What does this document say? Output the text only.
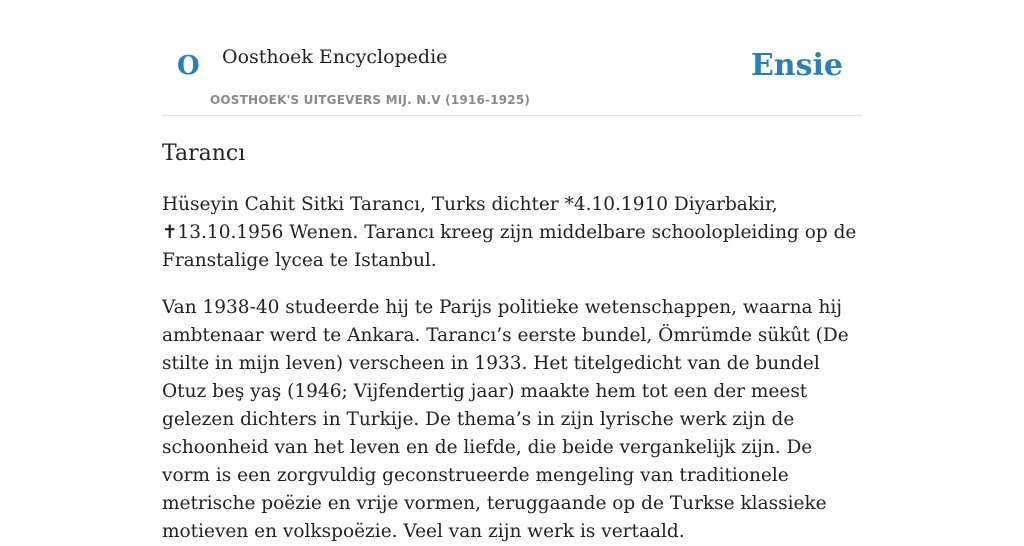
O Oosthoek Encyclopedie
OOSTHOEK'S UITGEVERS MIJ. N.V (1916-1925)
Ensie
Tarancı

Hüseyin Cahit Sitki Tarancı, Turks dichter *4.10.1910 Diyarbakir, ✝13.10.1956 Wenen. Tarancı kreeg zijn middelbare schoolopleiding op de Franstalige lycea te Istanbul.

Van 1938-40 studeerde hij te Parijs politieke wetenschappen, waarna hij ambtenaar werd te Ankara. Tarancı’s eerste bundel, Ömrümde sükût (De stilte in mijn leven) verscheen in 1933. Het titelgedicht van de bundel Otuz beş yaş (1946; Vijfendertig jaar) maakte hem tot een der meest gelezen dichters in Turkije. De thema’s in zijn lyrische werk zijn de schoonheid van het leven en de liefde, die beide vergankelijk zijn. De vorm is een zorgvuldig geconstrueerde mengeling van traditionele metrische poëzie en vrije vormen, teruggaande op de Turkse klassieke motieven en volkspoëzie. Veel van zijn werk is vertaald.
